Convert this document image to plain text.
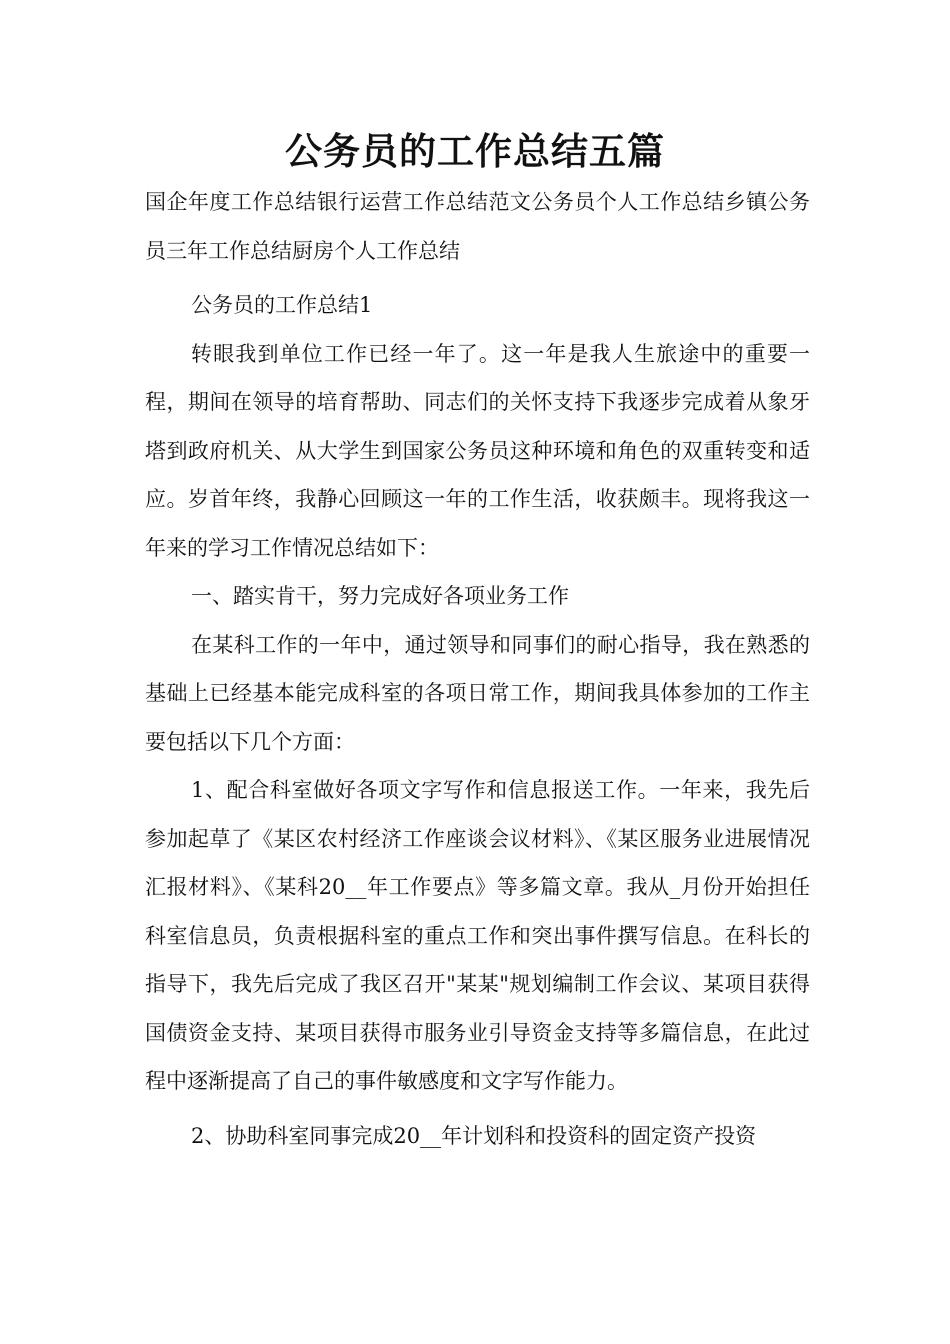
公务员的工作总结五篇

国企年度工作总结银行运营工作总结范文公务员个人工作总结乡镇公务员三年工作总结厨房个人工作总结

公务员的工作总结1

转眼我到单位工作已经一年了。这一年是我人生旅途中的重要一程，期间在领导的培育帮助、同志们的关怀支持下我逐步完成着从象牙塔到政府机关、从大学生到国家公务员这种环境和角色的双重转变和适应。岁首年终，我静心回顾这一年的工作生活，收获颇丰。现将我这一年来的学习工作情况总结如下：

一、踏实肯干，努力完成好各项业务工作

在某科工作的一年中，通过领导和同事们的耐心指导，我在熟悉的基础上已经基本能完成科室的各项日常工作，期间我具体参加的工作主要包括以下几个方面：

1、配合科室做好各项文字写作和信息报送工作。一年来，我先后参加起草了《某区农村经济工作座谈会议材料》、《某区服务业进展情况汇报材料》、《某科20__年工作要点》等多篇文章。我从_月份开始担任科室信息员，负责根据科室的重点工作和突出事件撰写信息。在科长的指导下，我先后完成了我区召开"某某"规划编制工作会议、某项目获得国债资金支持、某项目获得市服务业引导资金支持等多篇信息，在此过程中逐渐提高了自己的事件敏感度和文字写作能力。

2、协助科室同事完成20__年计划科和投资科的固定资产投资
